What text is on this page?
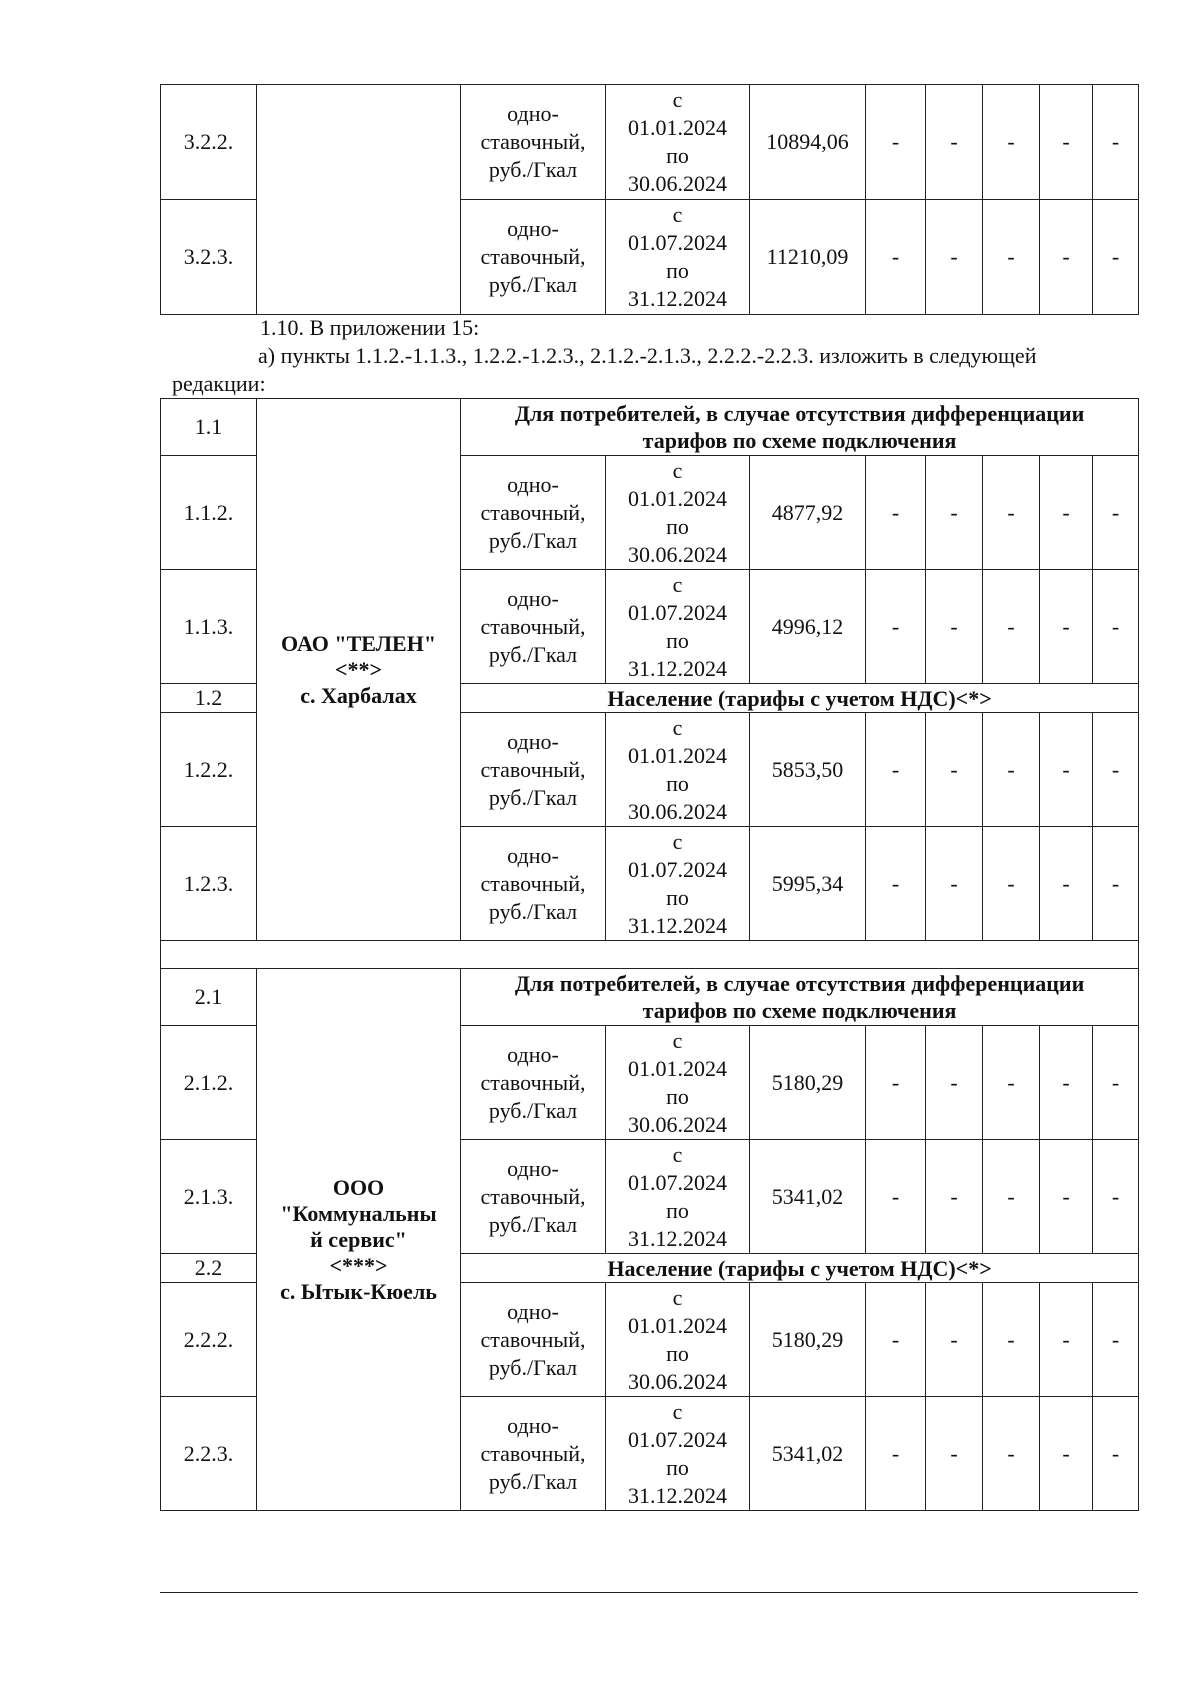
3.2.2.		одно-
ставочный,
руб./Гкал	с
01.01.2024
по
30.06.2024	10894,06	-	-	-	-	-
3.2.3.		одно-
ставочный,
руб./Гкал	с
01.07.2024
по
31.12.2024	11210,09	-	-	-	-	-
1.10. В приложении 15:
а) пункты 1.1.2.-1.1.3., 1.2.2.-1.2.3., 2.1.2.-2.1.3., 2.2.2.-2.2.3. изложить в следующей
редакции:
1.1	ОАО "ТЕЛЕН"
<**>
с. Харбалах	Для потребителей, в случае отсутствия дифференциации
тарифов по схеме подключения							
1.1.2.		одно-
ставочный,
руб./Гкал	с
01.01.2024
по
30.06.2024	4877,92	-	-	-	-	-
1.1.3.		одно-
ставочный,
руб./Гкал	с
01.07.2024
по
31.12.2024	4996,12	-	-	-	-	-
1.2		Население (тарифы с учетом НДС)<*>							
1.2.2.		одно-
ставочный,
руб./Гкал	с
01.01.2024
по
30.06.2024	5853,50	-	-	-	-	-
1.2.3.		одно-
ставочный,
руб./Гкал	с
01.07.2024
по
31.12.2024	5995,34	-	-	-	-	-

2.1	ООО
"Коммунальны
й сервис"
<***>
с. Ытык-Кюель	Для потребителей, в случае отсутствия дифференциации
тарифов по схеме подключения							
2.1.2.		одно-
ставочный,
руб./Гкал	с
01.01.2024
по
30.06.2024	5180,29	-	-	-	-	-
2.1.3.		одно-
ставочный,
руб./Гкал	с
01.07.2024
по
31.12.2024	5341,02	-	-	-	-	-
2.2		Население (тарифы с учетом НДС)<*>							
2.2.2.		одно-
ставочный,
руб./Гкал	с
01.01.2024
по
30.06.2024	5180,29	-	-	-	-	-
2.2.3.		одно-
ставочный,
руб./Гкал	с
01.07.2024
по
31.12.2024	5341,02	-	-	-	-	-
